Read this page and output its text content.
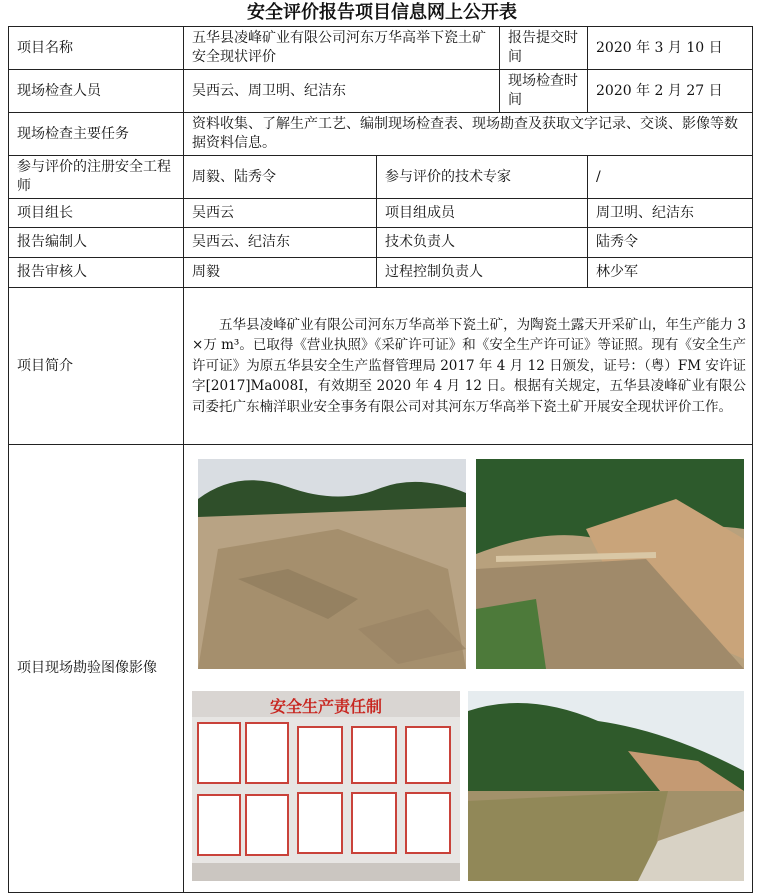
安全评价报告项目信息网上公开表
项目名称	五华县凌峰矿业有限公司河东万华高举下瓷土矿安全现状评价		报告提交时间	2020 年 3 月 10 日
现场检查人员	吴西云、周卫明、纪洁东		现场检查时间	2020 年 2 月 27 日
现场检查主要任务	资料收集、了解生产工艺、编制现场检查表、现场勘查及获取文字记录、交谈、影像等数据资料信息。			
参与评价的注册安全工程师	周毅、陆秀令	参与评价的技术专家		/
项目组长	吴西云	项目组成员		周卫明、纪洁东
报告编制人	吴西云、纪洁东	技术负责人		陆秀令
报告审核人	周毅	过程控制负责人		林少军
项目简介	五华县凌峰矿业有限公司河东万华高举下瓷土矿，为陶瓷土露天开采矿山，年生产能力 3×万 m³。已取得《营业执照》《采矿许可证》和《安全生产许可证》等证照。现有《安全生产许可证》为原五华县安全生产监督管理局 2017 年 4 月 12 日颁发，证号：（粤）FM 安许证字[2017]Ma008Ⅰ，有效期至 2020 年 4 月 12 日。根据有关规定，五华县凌峰矿业有限公司委托广东楠洋职业安全事务有限公司对其河东万华高举下瓷土矿开展安全现状评价工作。			
项目现场勘验图像影像	安全生产责任制			
